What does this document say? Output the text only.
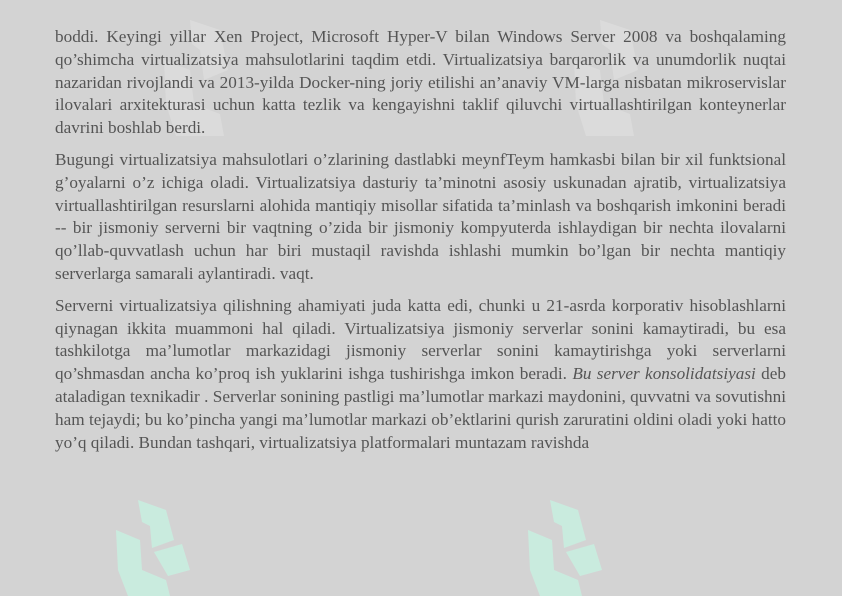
boddi. Keyingi yillar Xen Project, Microsoft Hyper-V bilan Windows Server 2008 va boshqalaming qo’shimcha virtualizatsiya mahsulotlarini taqdim etdi. Virtualizatsiya barqarorlik va unumdorlik nuqtai nazaridan rivojlandi va 2013-yilda Docker-ning joriy etilishi an’anaviy VM-larga nisbatan mikroservislar ilovalari arxitekturasi uchun katta tezlik va kengayishni taklif qiluvchi virtuallashtirilgan konteynerlar davrini boshlab berdi.

Bugungi virtualizatsiya mahsulotlari o’zlarining dastlabki meynfTeym hamkasbi bilan bir xil funktsional g’oyalarni o’z ichiga oladi. Virtualizatsiya dasturiy ta’minotni asosiy uskunadan ajratib, virtualizatsiya virtuallashtirilgan resurslarni alohida mantiqiy misollar sifatida ta’minlash va boshqarish imkonini beradi -- bir jismoniy serverni bir vaqtning o’zida bir jismoniy kompyuterda ishlaydigan bir nechta ilovalarni qo’llab-quvvatlash uchun har biri mustaqil ravishda ishlashi mumkin bo’lgan bir nechta mantiqiy serverlarga samarali aylantiradi. vaqt.

Serverni virtualizatsiya qilishning ahamiyati juda katta edi, chunki u 21-asrda korporativ hisoblashlarni qiynagan ikkita muammoni hal qiladi. Virtualizatsiya jismoniy serverlar sonini kamaytiradi, bu esa tashkilotga ma’lumotlar markazidagi jismoniy serverlar sonini kamaytirishga yoki serverlarni qo’shmasdan ancha ko’proq ish yuklarini ishga tushirishga imkon beradi. Bu server konsolidatsiyasi deb ataladigan texnikadir . Serverlar sonining pastligi ma’lumotlar markazi maydonini, quvvatni va sovutishni ham tejaydi; bu ko’pincha yangi ma’lumotlar markazi ob’ektlarini qurish zaruratini oldini oladi yoki hatto yo’q qiladi. Bundan tashqari, virtualizatsiya platformalari muntazam ravishda
